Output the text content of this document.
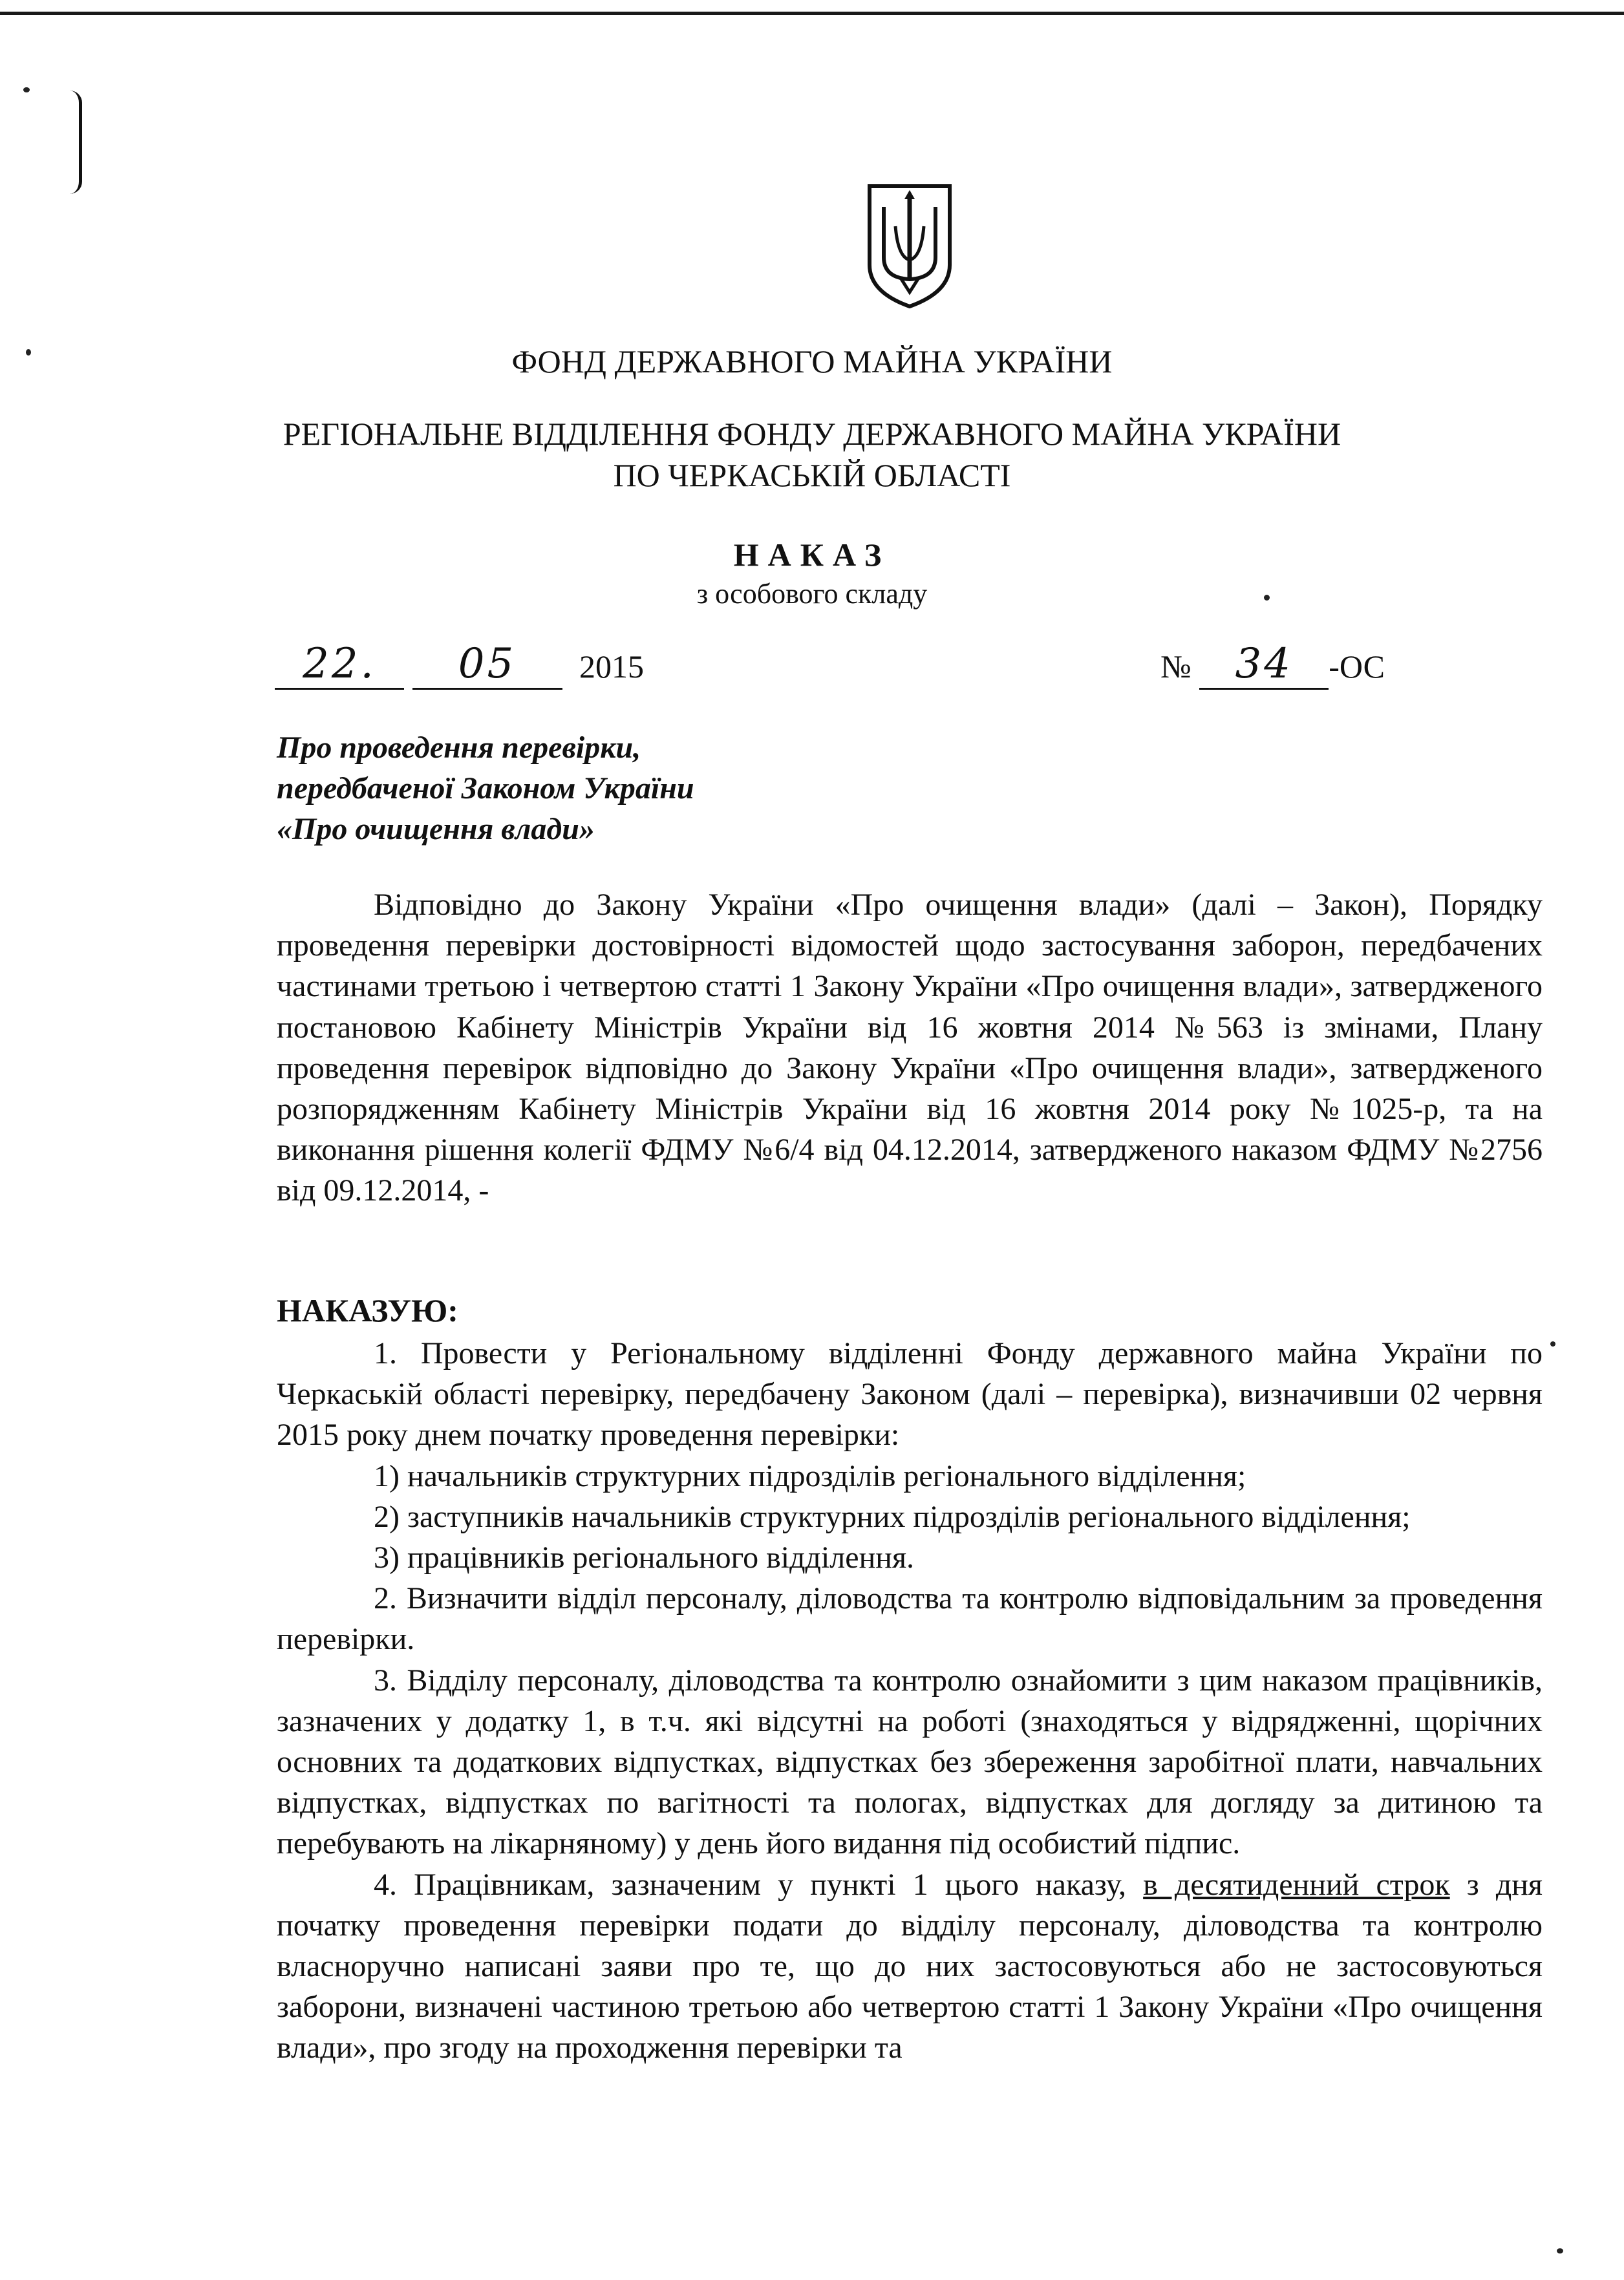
ФОНД ДЕРЖАВНОГО МАЙНА УКРАЇНИ
РЕГІОНАЛЬНЕ ВІДДІЛЕННЯ ФОНДУ ДЕРЖАВНОГО МАЙНА УКРАЇНИ
ПО ЧЕРКАСЬКІЙ ОБЛАСТІ
НАКАЗ
з особового складу
22. 05 2015	№ 34 -ОС
Про проведення перевірки,
передбаченої Законом України
«Про очищення влади»

Відповідно до Закону України «Про очищення влади» (далі – Закон), Порядку проведення перевірки достовірності відомостей щодо застосування заборон, передбачених частинами третьою і четвертою статті 1 Закону України «Про очищення влади», затвердженого постановою Кабінету Міністрів України від 16 жовтня 2014 №563 із змінами, Плану проведення перевірок відповідно до Закону України «Про очищення влади», затвердженого розпорядженням Кабінету Міністрів України від 16 жовтня 2014 року №1025-р, та на виконання рішення колегії ФДМУ №6/4 від 04.12.2014, затвердженого наказом ФДМУ №2756 від 09.12.2014, -

НАКАЗУЮ:

1. Провести у Регіональному відділенні Фонду державного майна України по Черкаській області перевірку, передбачену Законом (далі – перевірка), визначивши 02 червня 2015 року днем початку проведення перевірки:

1) начальників структурних підрозділів регіонального відділення;

2) заступників начальників структурних підрозділів регіонального відділення;

3) працівників регіонального відділення.

2. Визначити відділ персоналу, діловодства та контролю відповідальним за проведення перевірки.

3. Відділу персоналу, діловодства та контролю ознайомити з цим наказом працівників, зазначених у додатку 1, в т.ч. які відсутні на роботі (знаходяться у відрядженні, щорічних основних та додаткових відпустках, відпустках без збереження заробітної плати, навчальних відпустках, відпустках по вагітності та пологах, відпустках для догляду за дитиною та перебувають на лікарняному) у день його видання під особистий підпис.

4. Працівникам, зазначеним у пункті 1 цього наказу, в десятиденний строк з дня початку проведення перевірки подати до відділу персоналу, діловодства та контролю власноручно написані заяви про те, що до них застосовуються або не застосовуються заборони, визначені частиною третьою або четвертою статті 1 Закону України «Про очищення влади», про згоду на проходження перевірки та
